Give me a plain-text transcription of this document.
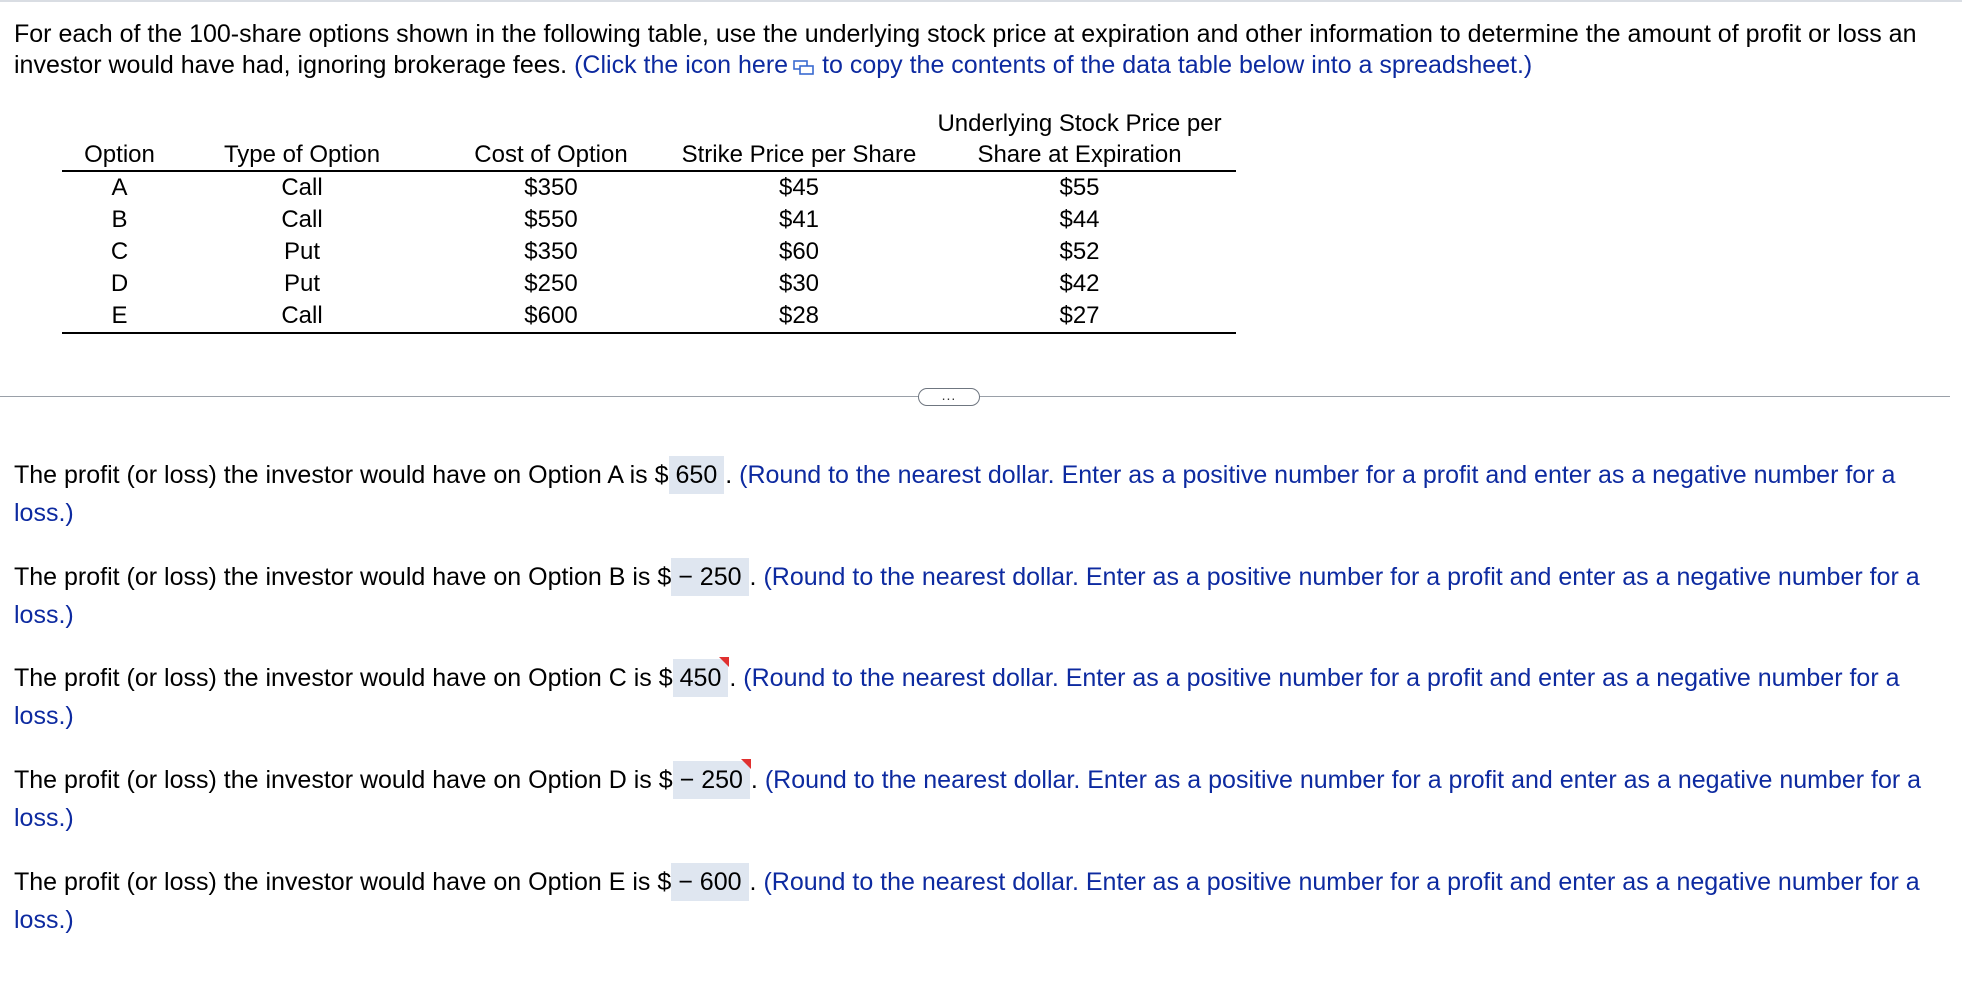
For each of the 100-share options shown in the following table, use the underlying stock price at expiration and other information to determine the amount of profit or loss an investor would have had, ignoring brokerage fees. (Click the icon here to copy the contents of the data table below into a spreadsheet.)
Option	Type of Option	Cost of Option	Strike Price per Share	Underlying Stock Price per Share at Expiration
A	Call	$350	$45	$55
B	Call	$550	$41	$44
C	Put	$350	$60	$52
D	Put	$250	$30	$42
E	Call	$600	$28	$27
...
The profit (or loss) the investor would have on Option A is $ 650 . (Round to the nearest dollar. Enter as a positive number for a profit and enter as a negative number for a loss.)
The profit (or loss) the investor would have on Option B is $ − 250 . (Round to the nearest dollar. Enter as a positive number for a profit and enter as a negative number for a loss.)
The profit (or loss) the investor would have on Option C is $ 450 . (Round to the nearest dollar. Enter as a positive number for a profit and enter as a negative number for a loss.)
The profit (or loss) the investor would have on Option D is $ − 250 . (Round to the nearest dollar. Enter as a positive number for a profit and enter as a negative number for a loss.)
The profit (or loss) the investor would have on Option E is $ − 600 . (Round to the nearest dollar. Enter as a positive number for a profit and enter as a negative number for a loss.)
